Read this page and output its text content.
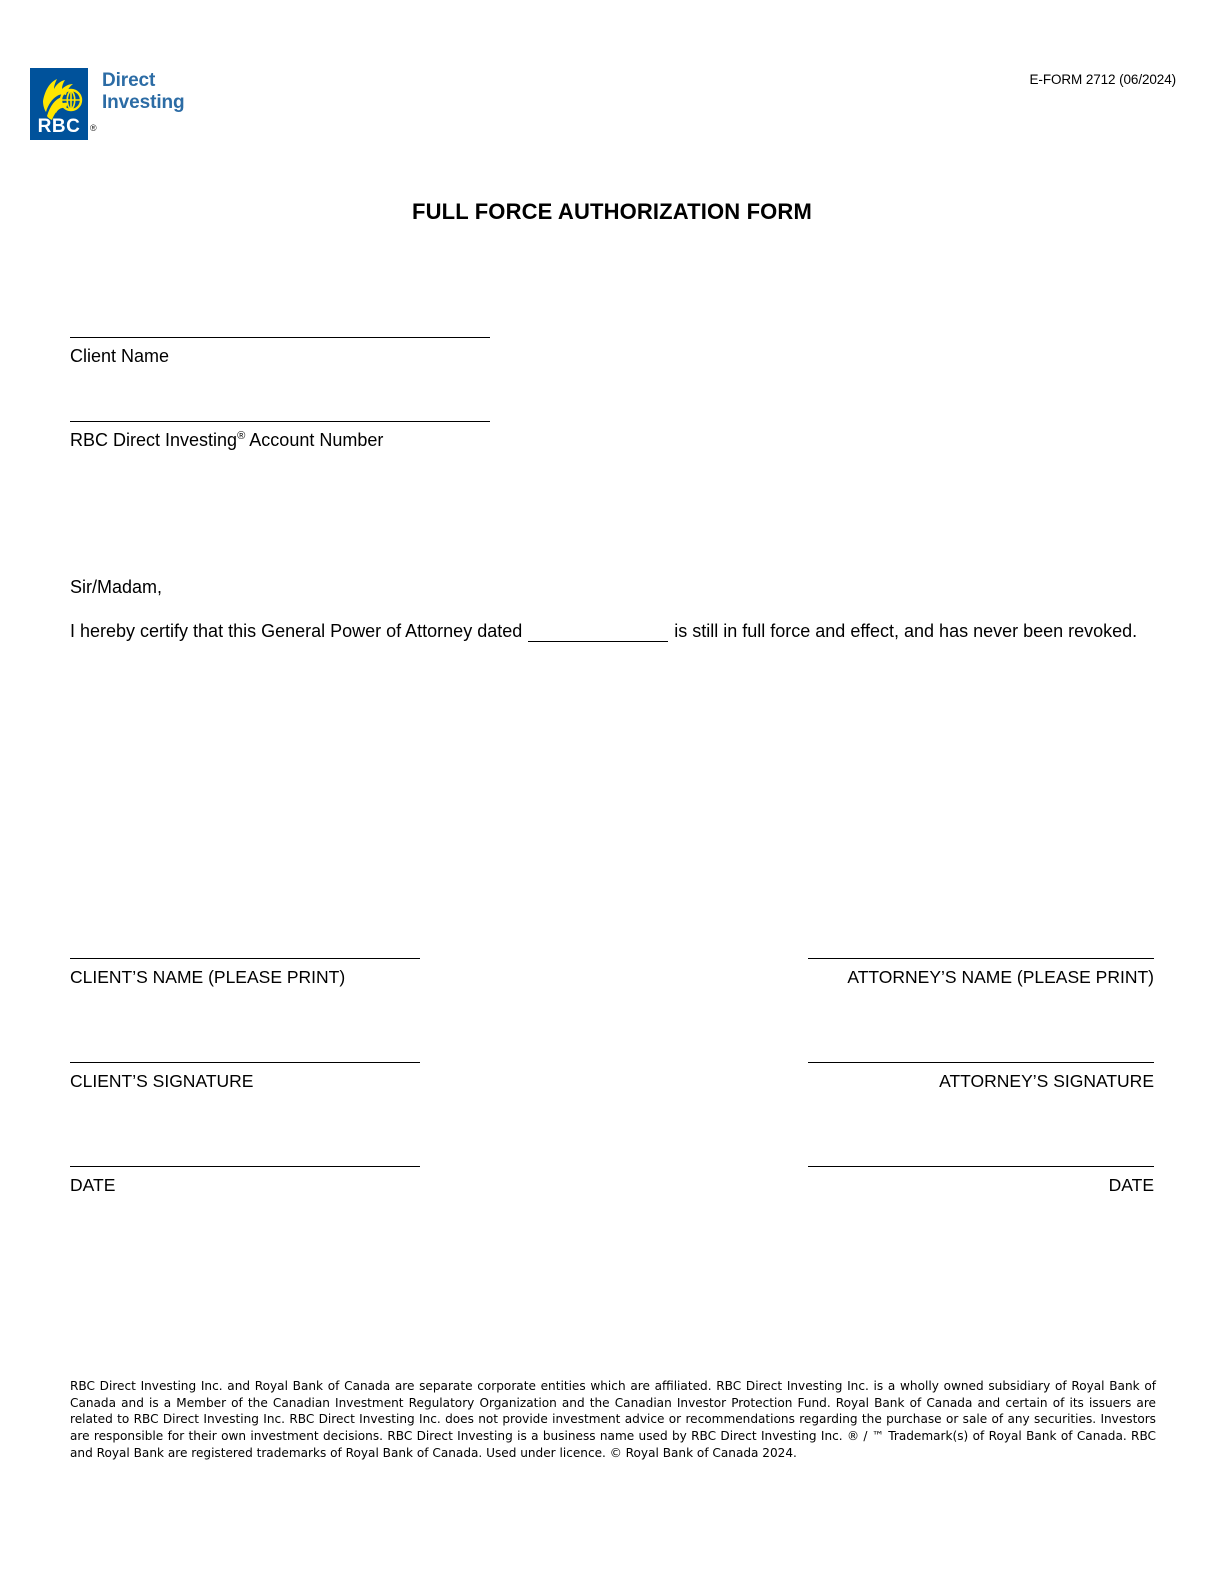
RBC ®
Direct
Investing
E-FORM 2712 (06/2024)
FULL FORCE AUTHORIZATION FORM
Client Name
RBC Direct Investing® Account Number
Sir/Madam,
I hereby certify that this General Power of Attorney dated	is still in full force and effect, and has never been revoked.
CLIENT’S NAME (PLEASE PRINT)	ATTORNEY’S NAME (PLEASE PRINT)
CLIENT’S SIGNATURE	ATTORNEY’S SIGNATURE
DATE	DATE
RBC Direct Investing Inc. and Royal Bank of Canada are separate corporate entities which are affiliated. RBC Direct Investing Inc. is a wholly owned subsidiary of Royal Bank of Canada and is a Member of the Canadian Investment Regulatory Organization and the Canadian Investor Protection Fund. Royal Bank of Canada and certain of its issuers are related to RBC Direct Investing Inc. RBC Direct Investing Inc. does not provide investment advice or recommendations regarding the purchase or sale of any securities. Investors are responsible for their own investment decisions. RBC Direct Investing is a business name used by RBC Direct Investing Inc. ® / ™ Trademark(s) of Royal Bank of Canada. RBC and Royal Bank are registered trademarks of Royal Bank of Canada. Used under licence. © Royal Bank of Canada 2024.
